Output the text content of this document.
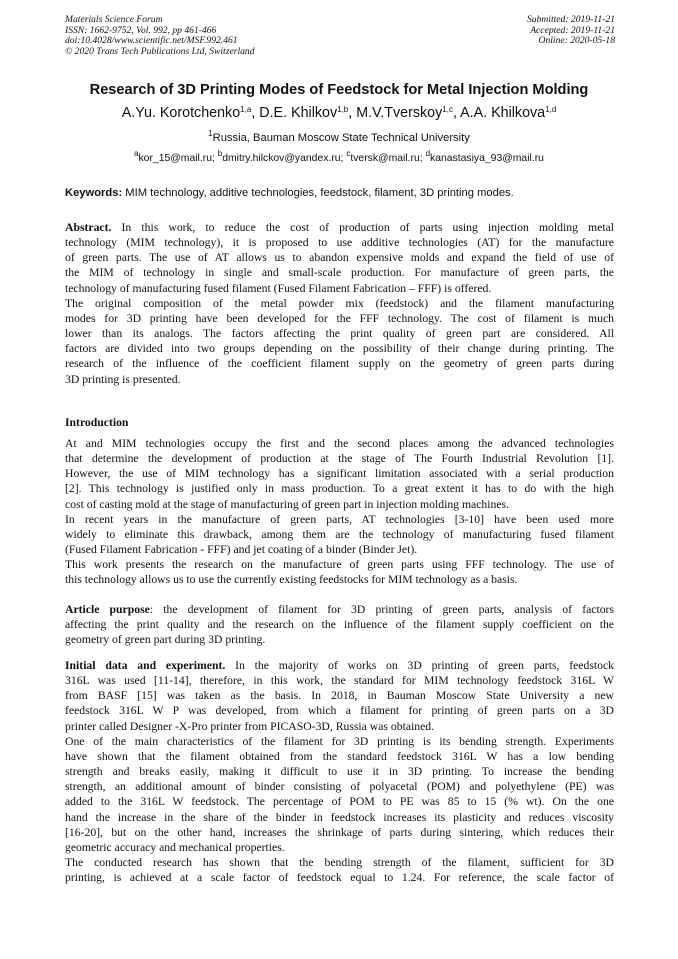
Materials Science Forum
ISSN: 1662-9752, Vol. 992, pp 461-466
doi:10.4028/www.scientific.net/MSF.992.461
© 2020 Trans Tech Publications Ltd, Switzerland
Submitted: 2019-11-21
Accepted: 2019-11-21
Online: 2020-05-18
Research of 3D Printing Modes of Feedstock for Metal Injection Molding
A.Yu. Korotchenko$^{1,a}$, D.E. Khilkov$^{1,b}$, M.V.Tverskoy$^{1,c}$, A.A. Khilkova$^{1,d}$
$^1$Russia, Bauman Moscow State Technical University
$^a$kor_15@mail.ru; $^b$dmitry.hilckov@yandex.ru; $^c$tversk@mail.ru; $^d$kanastasiya_93@mail.ru
Keywords: MIM technology, additive technologies, feedstock, filament, 3D printing modes.

Abstract. In this work, to reduce the cost of production of parts using injection molding metal technology (MIM technology), it is proposed to use additive technologies (AT) for the manufacture of green parts. The use of AT allows us to abandon expensive molds and expand the field of use of the MIM of technology in single and small-scale production. For manufacture of green parts, the technology of manufacturing fused filament (Fused Filament Fabrication – FFF) is offered.

The original composition of the metal powder mix (feedstock) and the filament manufacturing modes for 3D printing have been developed for the FFF technology. The cost of filament is much lower than its analogs. The factors affecting the print quality of green part are considered. All factors are divided into two groups depending on the possibility of their change during printing. The research of the influence of the coefficient filament supply on the geometry of green parts during 3D printing is presented.

Introduction

At and MIM technologies occupy the first and the second places among the advanced technologies that determine the development of production at the stage of The Fourth Industrial Revolution [1]. However, the use of MIM technology has a significant limitation associated with a serial production [2]. This technology is justified only in mass production. To a great extent it has to do with the high cost of casting mold at the stage of manufacturing of green part in injection molding machines.

In recent years in the manufacture of green parts, AT technologies [3-10] have been used more widely to eliminate this drawback, among them are the technology of manufacturing fused filament (Fused Filament Fabrication - FFF) and jet coating of a binder (Binder Jet).

This work presents the research on the manufacture of green parts using FFF technology. The use of this technology allows us to use the currently existing feedstocks for MIM technology as a basis.

Article purpose: the development of filament for 3D printing of green parts, analysis of factors affecting the print quality and the research on the influence of the filament supply coefficient on the geometry of green part during 3D printing.

Initial data and experiment. In the majority of works on 3D printing of green parts, feedstock 316L was used [11-14], therefore, in this work, the standard for MIM technology feedstock 316L W from BASF [15] was taken as the basis. In 2018, in Bauman Moscow State University a new feedstock 316L W P was developed, from which a filament for printing of green parts on a 3D printer called Designer -X-Pro printer from PICASO-3D, Russia was obtained.

One of the main characteristics of the filament for 3D printing is its bending strength. Experiments have shown that the filament obtained from the standard feedstock 316L W has a low bending strength and breaks easily, making it difficult to use it in 3D printing. To increase the bending strength, an additional amount of binder consisting of polyacetal (POM) and polyethylene (PE) was added to the 316L W feedstock. The percentage of POM to PE was 85 to 15 (% wt). On the one hand the increase in the share of the binder in feedstock increases its plasticity and reduces viscosity [16-20], but on the other hand, increases the shrinkage of parts during sintering, which reduces their geometric accuracy and mechanical properties.

The conducted research has shown that the bending strength of the filament, sufficient for 3D printing, is achieved at a scale factor of feedstock equal to 1.24. For reference, the scale factor of
